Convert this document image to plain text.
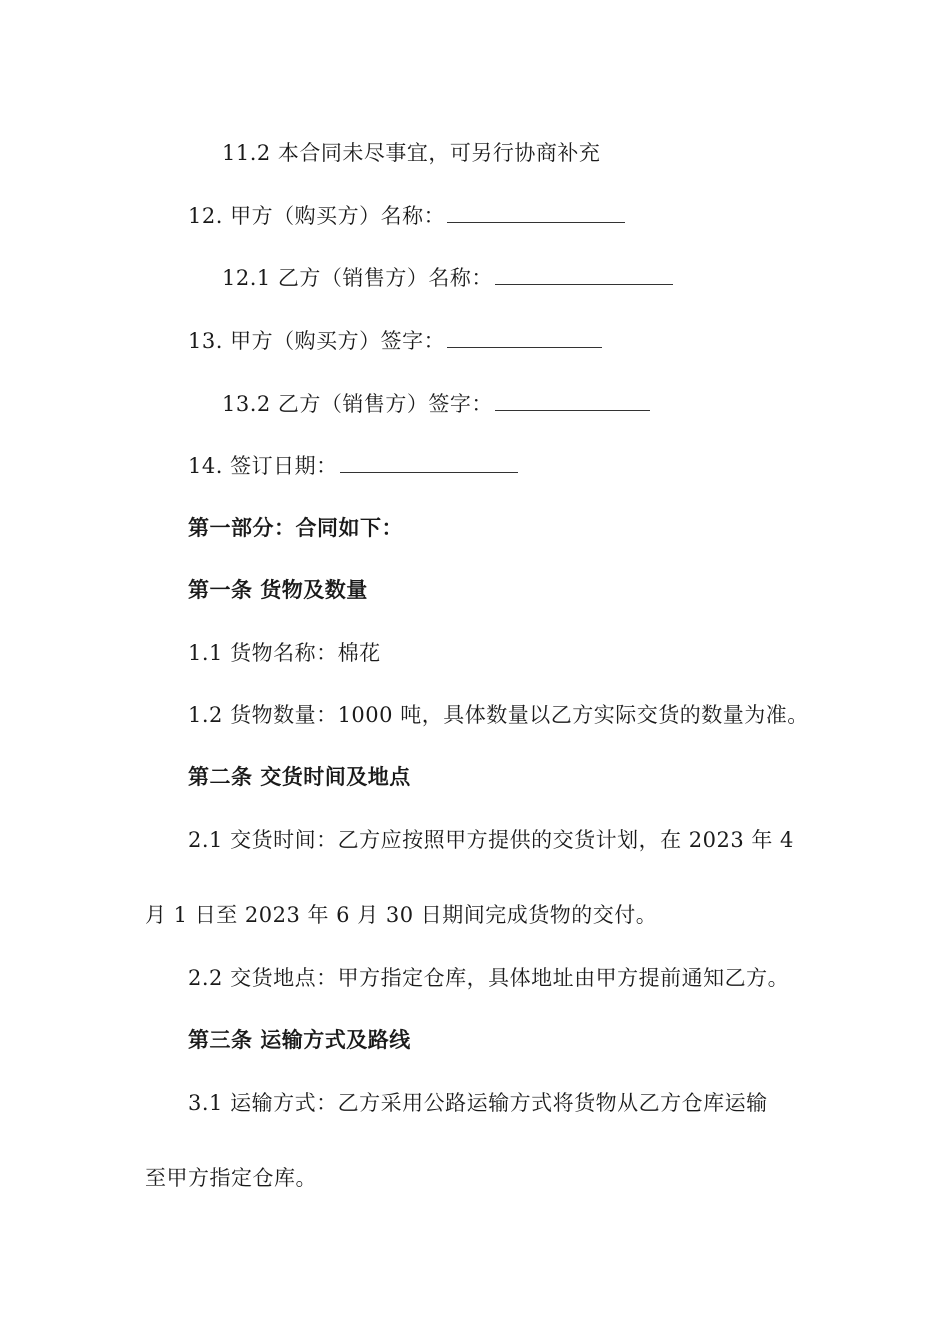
11.2 本合同未尽事宜，可另行协商补充
12. 甲方（购买方）名称：
12.1 乙方（销售方）名称：
13. 甲方（购买方）签字：
13.2 乙方（销售方）签字：
14. 签订日期：
第一部分：合同如下：
第一条 货物及数量
1.1 货物名称：棉花
1.2 货物数量：1000 吨，具体数量以乙方实际交货的数量为准。
第二条 交货时间及地点
2.1 交货时间：乙方应按照甲方提供的交货计划，在 2023 年 4
月 1 日至 2023 年 6 月 30 日期间完成货物的交付。
2.2 交货地点：甲方指定仓库，具体地址由甲方提前通知乙方。
第三条 运输方式及路线
3.1 运输方式：乙方采用公路运输方式将货物从乙方仓库运输
至甲方指定仓库。
